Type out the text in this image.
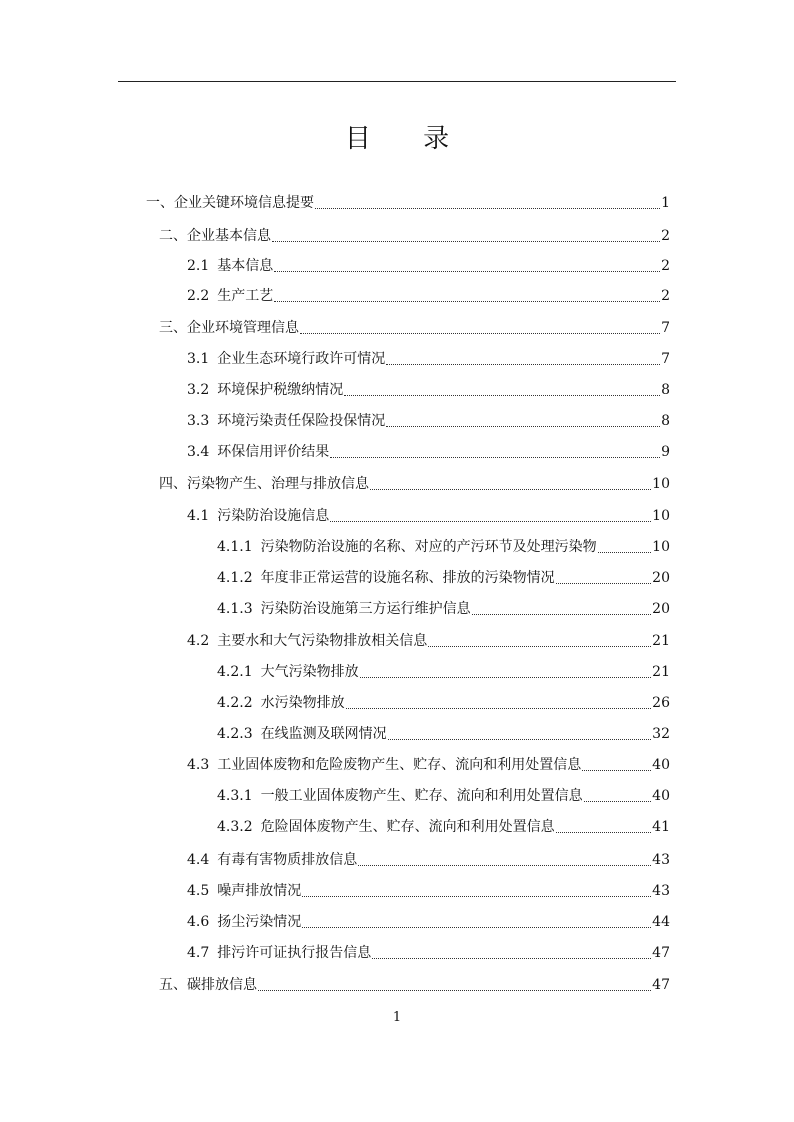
目 录
一、企业关键环境信息提要	1
二、企业基本信息	2
2.1 基本信息	2
2.2 生产工艺	2
三、企业环境管理信息	7
3.1 企业生态环境行政许可情况	7
3.2 环境保护税缴纳情况	8
3.3 环境污染责任保险投保情况	8
3.4 环保信用评价结果	9
四、污染物产生、治理与排放信息	10
4.1 污染防治设施信息	10
4.1.1 污染物防治设施的名称、对应的产污环节及处理污染物	10
4.1.2 年度非正常运营的设施名称、排放的污染物情况	20
4.1.3 污染防治设施第三方运行维护信息	20
4.2 主要水和大气污染物排放相关信息	21
4.2.1 大气污染物排放	21
4.2.2 水污染物排放	26
4.2.3 在线监测及联网情况	32
4.3 工业固体废物和危险废物产生、贮存、流向和利用处置信息	40
4.3.1 一般工业固体废物产生、贮存、流向和利用处置信息	40
4.3.2 危险固体废物产生、贮存、流向和利用处置信息	41
4.4 有毒有害物质排放信息	43
4.5 噪声排放情况	43
4.6 扬尘污染情况	44
4.7 排污许可证执行报告信息	47
五、碳排放信息	47
1
